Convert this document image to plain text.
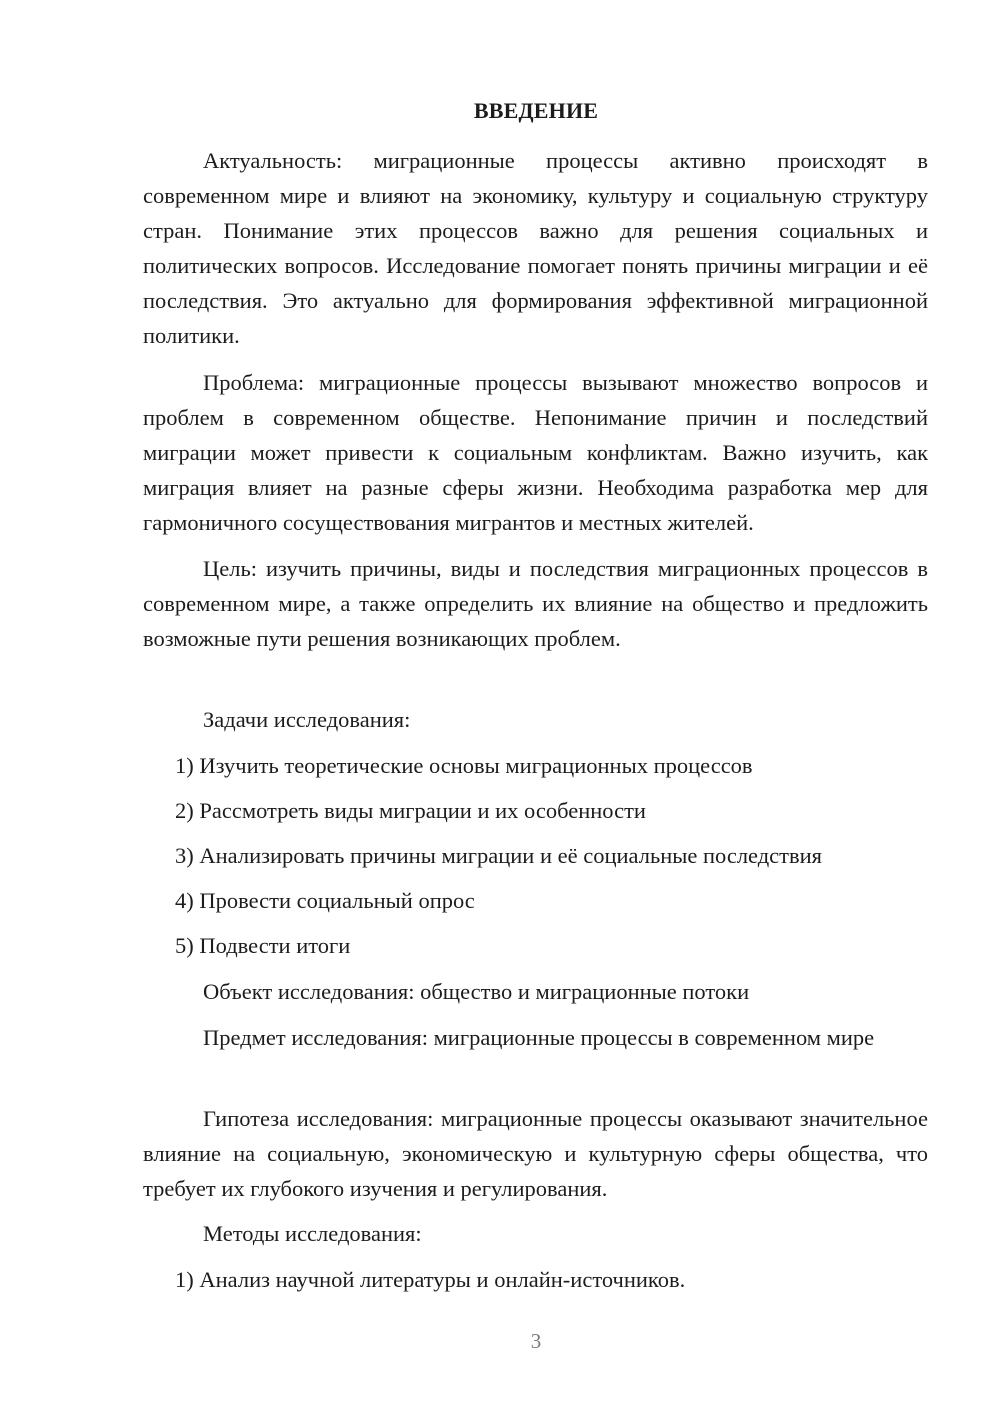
ВВЕДЕНИЕ

Актуальность: миграционные процессы активно происходят в современном мире и влияют на экономику, культуру и социальную структуру стран. Понимание этих процессов важно для решения социальных и политических вопросов. Исследование помогает понять причины миграции и её последствия. Это актуально для формирования эффективной миграционной политики.

Проблема: миграционные процессы вызывают множество вопросов и проблем в современном обществе. Непонимание причин и последствий миграции может привести к социальным конфликтам. Важно изучить, как миграция влияет на разные сферы жизни. Необходима разработка мер для гармоничного сосуществования мигрантов и местных жителей.

Цель: изучить причины, виды и последствия миграционных процессов в современном мире, а также определить их влияние на общество и предложить возможные пути решения возникающих проблем.

Задачи исследования:

1) Изучить теоретические основы миграционных процессов

2) Рассмотреть виды миграции и их особенности

3) Анализировать причины миграции и её социальные последствия

4) Провести социальный опрос

5) Подвести итоги

Объект исследования: общество и миграционные потоки

Предмет исследования: миграционные процессы в современном мире

Гипотеза исследования: миграционные процессы оказывают значительное влияние на социальную, экономическую и культурную сферы общества, что требует их глубокого изучения и регулирования.

Методы исследования:

1) Анализ научной литературы и онлайн-источников.

3
